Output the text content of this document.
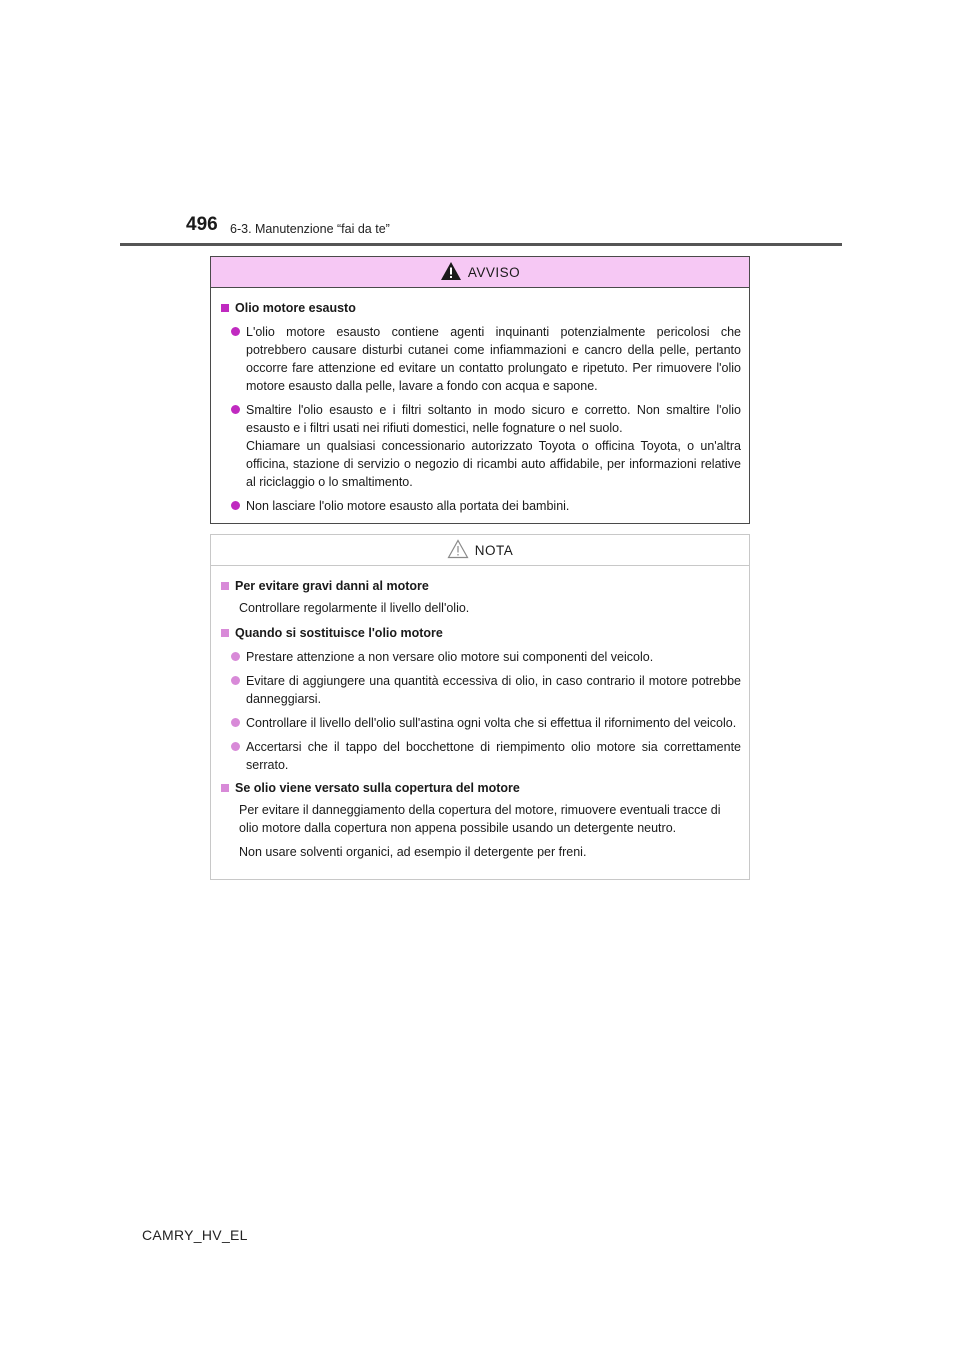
496 6-3. Manutenzione “fai da te”
AVVISO
Olio motore esausto
L'olio motore esausto contiene agenti inquinanti potenzialmente pericolosi che potrebbero causare disturbi cutanei come infiammazioni e cancro della pelle, pertanto occorre fare attenzione ed evitare un contatto prolungato e ripetuto. Per rimuovere l'olio motore esausto dalla pelle, lavare a fondo con acqua e sapone.
Smaltire l'olio esausto e i filtri soltanto in modo sicuro e corretto. Non smaltire l'olio esausto e i filtri usati nei rifiuti domestici, nelle fognature o nel suolo.
Chiamare un qualsiasi concessionario autorizzato Toyota o officina Toyota, o un'altra officina, stazione di servizio o negozio di ricambi auto affidabile, per informazioni relative al riciclaggio o lo smaltimento.
Non lasciare l'olio motore esausto alla portata dei bambini.
NOTA
Per evitare gravi danni al motore
Controllare regolarmente il livello dell'olio.
Quando si sostituisce l'olio motore
Prestare attenzione a non versare olio motore sui componenti del veicolo.
Evitare di aggiungere una quantità eccessiva di olio, in caso contrario il motore potrebbe danneggiarsi.
Controllare il livello dell'olio sull'astina ogni volta che si effettua il rifornimento del veicolo.
Accertarsi che il tappo del bocchettone di riempimento olio motore sia correttamente serrato.
Se olio viene versato sulla copertura del motore
Per evitare il danneggiamento della copertura del motore, rimuovere eventuali tracce di olio motore dalla copertura non appena possibile usando un detergente neutro.
Non usare solventi organici, ad esempio il detergente per freni.
CAMRY_HV_EL
